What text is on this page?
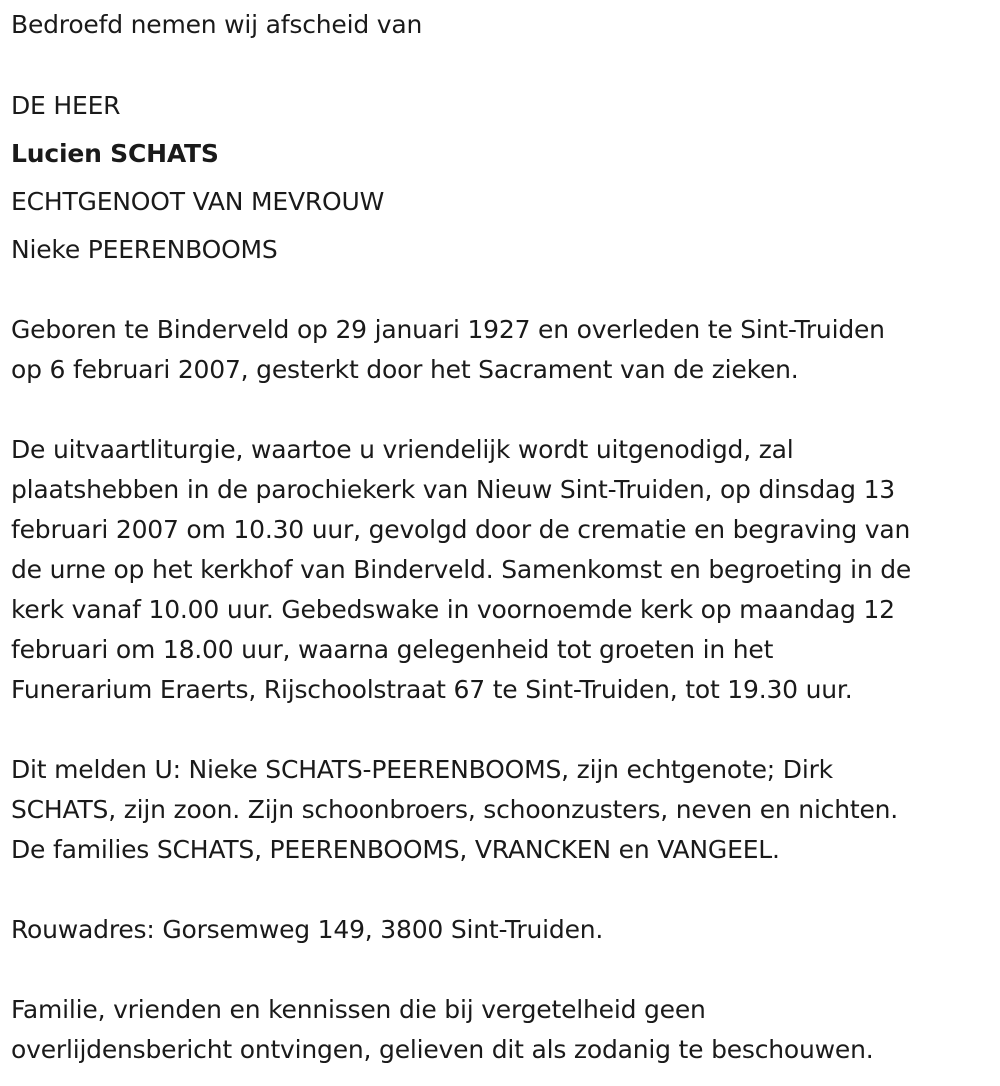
Bedroefd nemen wij afscheid van
DE HEER
Lucien SCHATS
ECHTGENOOT VAN MEVROUW
Nieke PEERENBOOMS
Geboren te Binderveld op 29 januari 1927 en overleden te Sint-Truiden
op 6 februari 2007, gesterkt door het Sacrament van de zieken.
De uitvaartliturgie, waartoe u vriendelijk wordt uitgenodigd, zal
plaatshebben in de parochiekerk van Nieuw Sint-Truiden, op dinsdag 13
februari 2007 om 10.30 uur, gevolgd door de crematie en begraving van
de urne op het kerkhof van Binderveld. Samenkomst en begroeting in de
kerk vanaf 10.00 uur. Gebedswake in voornoemde kerk op maandag 12
februari om 18.00 uur, waarna gelegenheid tot groeten in het
Funerarium Eraerts, Rijschoolstraat 67 te Sint-Truiden, tot 19.30 uur.
Dit melden U: Nieke SCHATS-PEERENBOOMS, zijn echtgenote; Dirk
SCHATS, zijn zoon. Zijn schoonbroers, schoonzusters, neven en nichten.
De families SCHATS, PEERENBOOMS, VRANCKEN en VANGEEL.
Rouwadres: Gorsemweg 149, 3800 Sint-Truiden.
Familie, vrienden en kennissen die bij vergetelheid geen
overlijdensbericht ontvingen, gelieven dit als zodanig te beschouwen.
